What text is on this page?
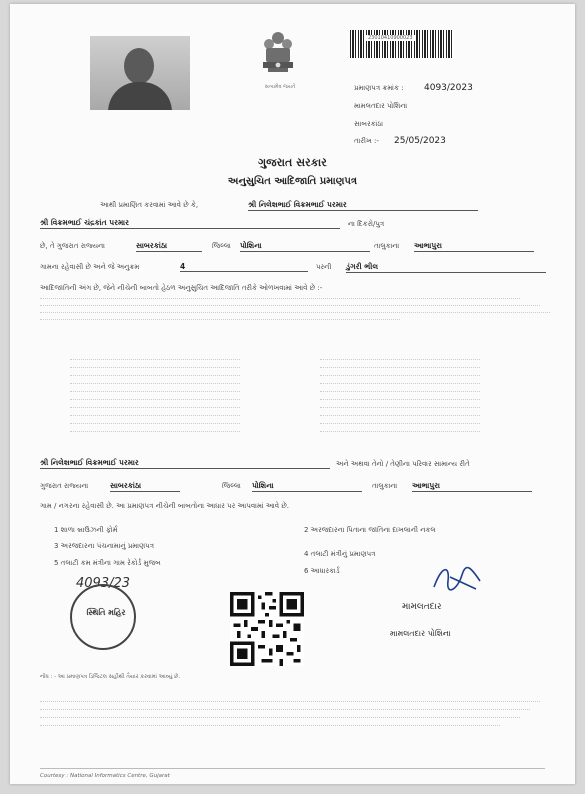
સત્યમેવ જયતે
23010410900023
પ્રમાણપત્ર ક્રમાંક : 4093/2023
મામલતદાર પોશિના
સાબરકાંઠા
તારીખ :- 25/05/2023
ગુજરાત સરકાર
અનુસુચિત આદિજાતિ પ્રમાણપત્ર
આથી પ્રમાણિત કરવામાં આવે છે કે,	શ્રી નિલેશભાઈ વિક્રમભાઈ પરમાર
શ્રી વિક્રમભાઈ ચંદ્રકાંત પરમાર	ના દિકરો/પુત્ર
છે, તે ગુજરાત રાજ્યના	સાબરકાંઠા	જિલ્લા પોશિના	તાલુકાના આભાપુરા
ગામના રહેવાસી છે અને જે અનુક્રમ	4	પરની ડુંગરી ભીલ
આદિજાતિની અંગ છે, જેને નીચેની બાબતો હેઠળ અનુસુચિત આદિજાતિ તરીકે ઓળખવામાં આવે છે :-
શ્રી નિલેશભાઈ વિક્રમભાઈ પરમાર	અને અથવા તેનો / તેણીના પરિવાર સામાન્ય રીતે
ગુજરાત રાજ્યના	સાબરકાંઠા	જિલ્લા પોશિના	તાલુકાના આભાપુરા
ગામ / નગરના રહેવાસી છે. આ પ્રમાણપત્ર નીચેની બાબતોના આધાર પર આપવામાં આવે છે.
1 શાળા બ્રાઉઝની ફોર્મ	2 અરજદારના પિતાના જાતિના દાખલાની નકલ
3 અરજદારના પંચનામાનું પ્રમાણપત્ર
4 તલાટી મંત્રીનું પ્રમાણપત્ર
5 તલાટી કમ મંત્રીના ગામ રેકોર્ડ મુજબ
6 આધારકાર્ડ
4093/23
સ્થિતિ મહિર
મામલતદાર
મામલતદાર પોશિના
નોંધ : - આ પ્રમાણપત્ર ડિજિટલ સહીથી તૈયાર કરવામાં આવ્યું છે.
Courtesy : National Informatics Centre, Gujarat
